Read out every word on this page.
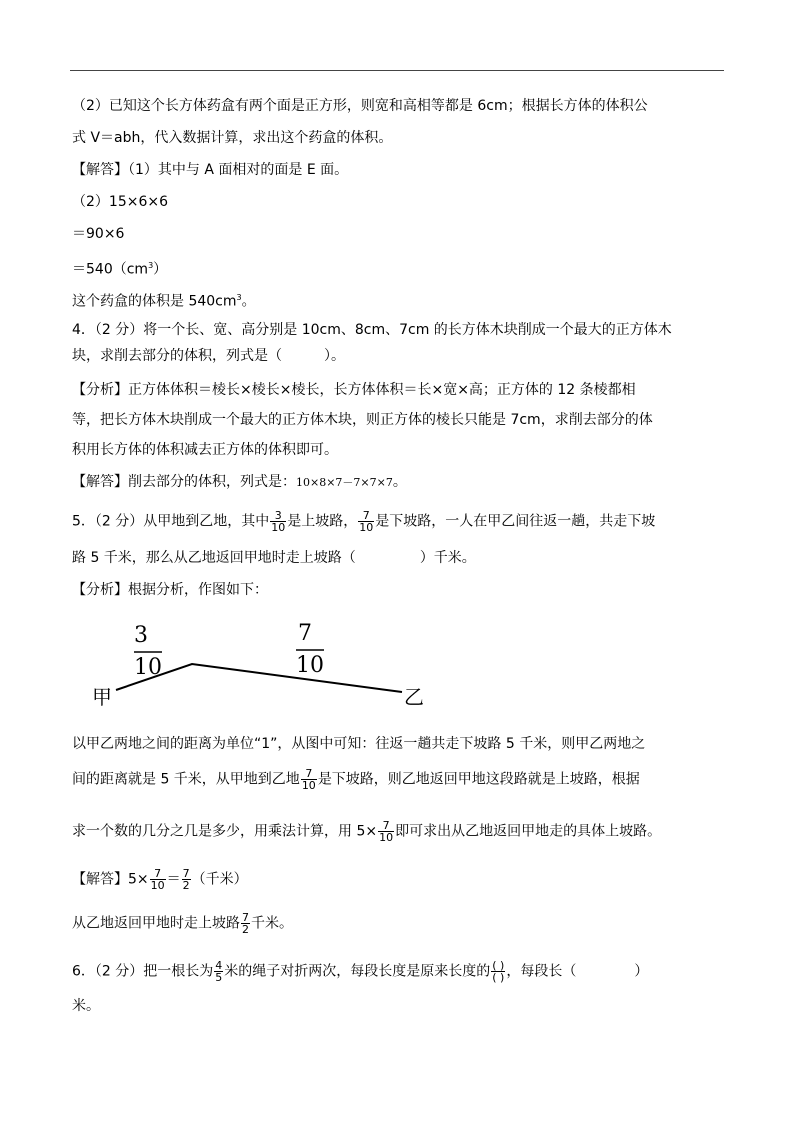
（2）已知这个长方体药盒有两个面是正方形，则宽和高相等都是 6cm；根据长方体的体积公
式 V＝abh，代入数据计算，求出这个药盒的体积。
【解答】（1）其中与 A 面相对的面是 E 面。
（2）15×6×6
＝90×6
$=540(cm^3)$
这个药盒的体积是 $540cm^3$。
4．（2 分）将一个长、宽、高分别是 10cm、8cm、7cm 的长方体木块削成一个最大的正方体木
块，求削去部分的体积，列式是（	）。
【分析】正方体体积＝棱长×棱长×棱长，长方体体积＝长×宽×高；正方体的 12 条棱都相
等，把长方体木块削成一个最大的正方体木块，则正方体的棱长只能是 7cm，求削去部分的体
积用长方体的体积减去正方体的体积即可。
【解答】削去部分的体积，列式是：10×8×7－7×7×7。
5．（2 分）从甲地到乙地，其中 $\frac{3}{10}$ 是上坡路， $\frac{7}{10}$ 是下坡路，一人在甲乙间往返一趟，共走下坡
路 5 千米，那么从乙地返回甲地时走上坡路（	）千米。
【分析】根据分析，作图如下：
3
10
7
10
甲	乙
以甲乙两地之间的距离为单位“1”，从图中可知：往返一趟共走下坡路 5 千米，则甲乙两地之
间的距离就是 5 千米，从甲地到乙地 $\frac{7}{10}$ 是下坡路，则乙地返回甲地这段路就是上坡路，根据
求一个数的几分之几是多少，用乘法计算，用 $5\times \frac{7}{10}$ 即可求出从乙地返回甲地走的具体上坡路。
【解答】$5\times \frac{7}{10} = \frac{7}{2}$ （千米）
从乙地返回甲地时走上坡路 $\frac{7}{2}$ 千米。
6．（2 分）把一根长为 $\frac{4}{5}$ 米的绳子对折两次，每段长度是原来长度的 ( )
( ) ，每段长（	）
米。
